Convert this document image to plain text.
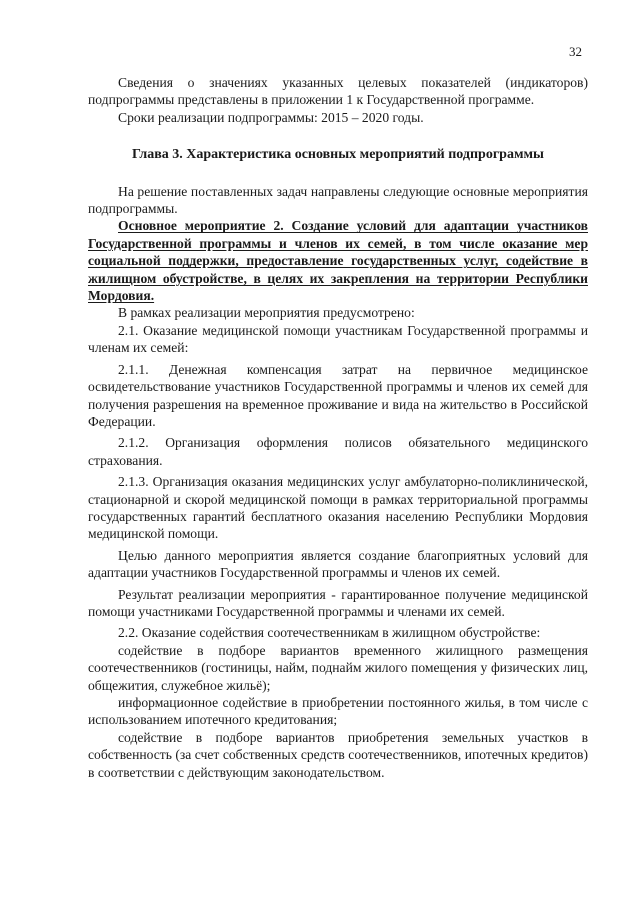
32

Сведения о значениях указанных целевых показателей (индикаторов) подпрограммы представлены в приложении 1 к Государственной программе.

Сроки реализации подпрограммы: 2015 – 2020 годы.

Глава 3. Характеристика основных мероприятий подпрограммы

На решение поставленных задач направлены следующие основные мероприятия подпрограммы.

Основное мероприятие 2. Создание условий для адаптации участников Государственной программы и членов их семей, в том числе оказание мер социальной поддержки, предоставление государственных услуг, содействие в жилищном обустройстве, в целях их закрепления на территории Республики Мордовия.

В рамках реализации мероприятия предусмотрено:

2.1. Оказание медицинской помощи участникам Государственной программы и членам их семей:

2.1.1. Денежная компенсация затрат на первичное медицинское освидетельствование участников Государственной программы и членов их семей для получения разрешения на временное проживание и вида на жительство в Российской Федерации.

2.1.2. Организация оформления полисов обязательного медицинского страхования.

2.1.3. Организация оказания медицинских услуг амбулаторно-поликлинической, стационарной и скорой медицинской помощи в рамках территориальной программы государственных гарантий бесплатного оказания населению Республики Мордовия медицинской помощи.

Целью данного мероприятия является создание благоприятных условий для адаптации участников Государственной программы и членов их семей.

Результат реализации мероприятия - гарантированное получение медицинской помощи участниками Государственной программы и членами их семей.

2.2. Оказание содействия соотечественникам в жилищном обустройстве:

содействие в подборе вариантов временного жилищного размещения соотечественников (гостиницы, найм, поднайм жилого помещения у физических лиц, общежития, служебное жильё);

информационное содействие в приобретении постоянного жилья, в том числе с использованием ипотечного кредитования;

содействие в подборе вариантов приобретения земельных участков в собственность (за счет собственных средств соотечественников, ипотечных кредитов) в соответствии с действующим законодательством.
